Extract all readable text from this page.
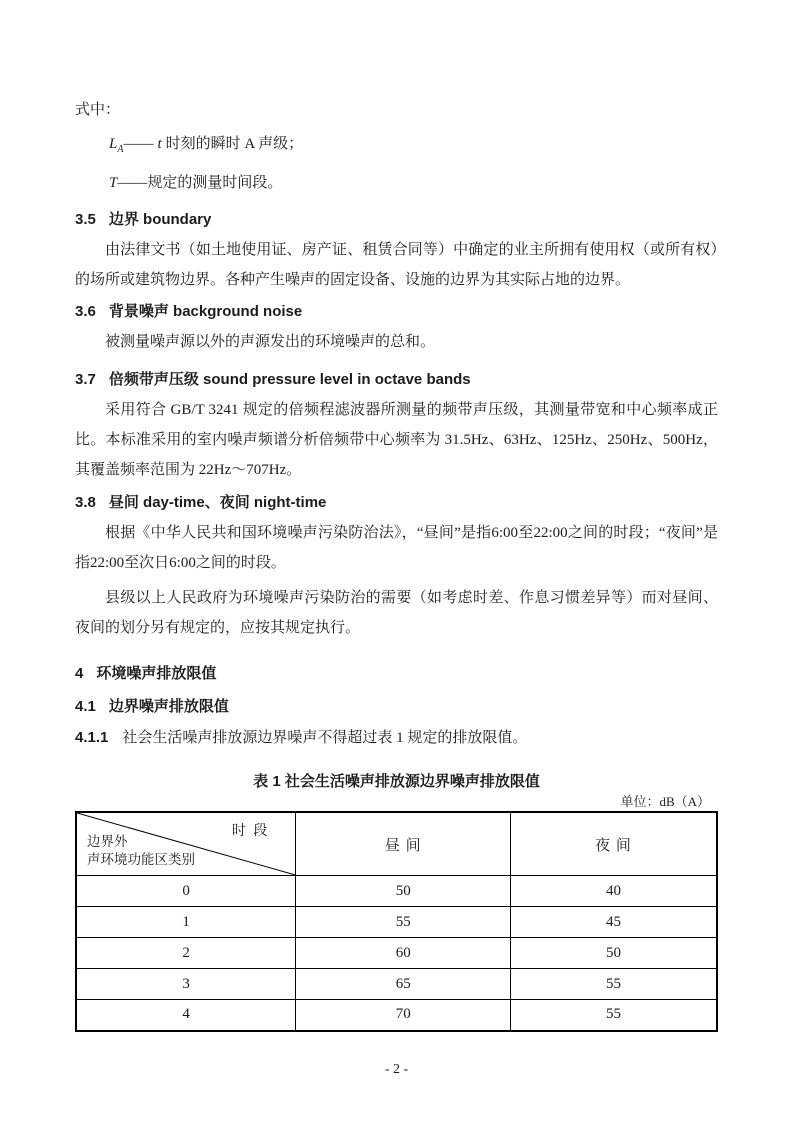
式中：
$L_A——$ t 时刻的瞬时 A 声级；
T——规定的测量时间段。
3.5 边界 boundary

由法律文书（如土地使用证、房产证、租赁合同等）中确定的业主所拥有使用权（或所有权）的场所或建筑物边界。各种产生噪声的固定设备、设施的边界为其实际占地的边界。

3.6 背景噪声 background noise

被测量噪声源以外的声源发出的环境噪声的总和。

3.7 倍频带声压级 sound pressure level in octave bands

采用符合 GB/T 3241 规定的倍频程滤波器所测量的频带声压级，其测量带宽和中心频率成正比。本标准采用的室内噪声频谱分析倍频带中心频率为 31.5Hz、63Hz、125Hz、250Hz、500Hz，其覆盖频率范围为 22Hz～707Hz。

3.8 昼间 day-time、夜间 night-time

根据《中华人民共和国环境噪声污染防治法》，“昼间”是指6:00至22:00之间的时段；“夜间”是指22:00至次日6:00之间的时段。

县级以上人民政府为环境噪声污染防治的需要（如考虑时差、作息习惯差异等）而对昼间、夜间的划分另有规定的，应按其规定执行。

4 环境噪声排放限值
4.1 边界噪声排放限值
4.1.1 社会生活噪声排放源边界噪声不得超过表 1 规定的排放限值。
表 1 社会生活噪声排放源边界噪声排放限值
单位：dB（A）
时 段
边界外
声环境功能区类别	昼 间	夜 间
0	50	40
1	55	45
2	60	50
3	65	55
4	70	55
- 2 -
